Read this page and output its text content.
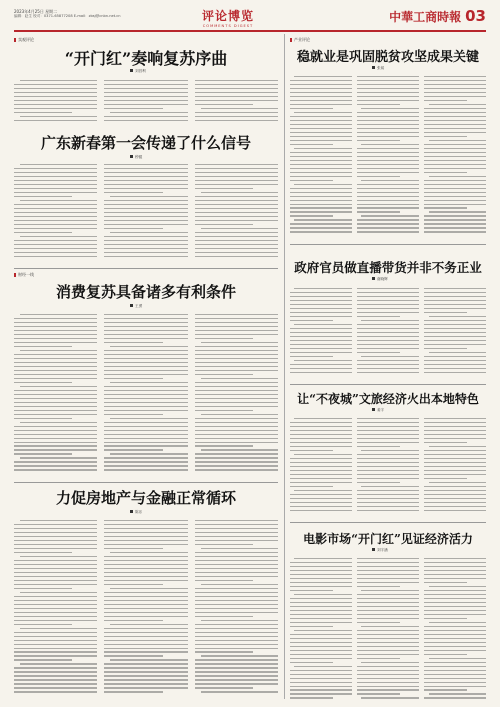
2023年4月25日 星期二
编辑：赵生 校对：0371-65877208 E-mail：zbsj@cnbn.net.cn	评论博览
COMMENTS DIGEST
中華工商時報 03
卖观评论
“开门红”奏响复苏序曲
刘昌利
广东新春第一会传递了什么信号
穆健
财经一线
消费复苏具备诸多有利条件
王勇
力促房地产与金融正常循环
陈乐
产业评论
稳就业是巩固脱贫攻坚成果关键
张闻
政府官员做直播带货并非不务正业
谢晓辉
让“不夜城”文旅经济火出本地特色
姜宇
电影市场“开门红”见证经济活力
刘宇涵
